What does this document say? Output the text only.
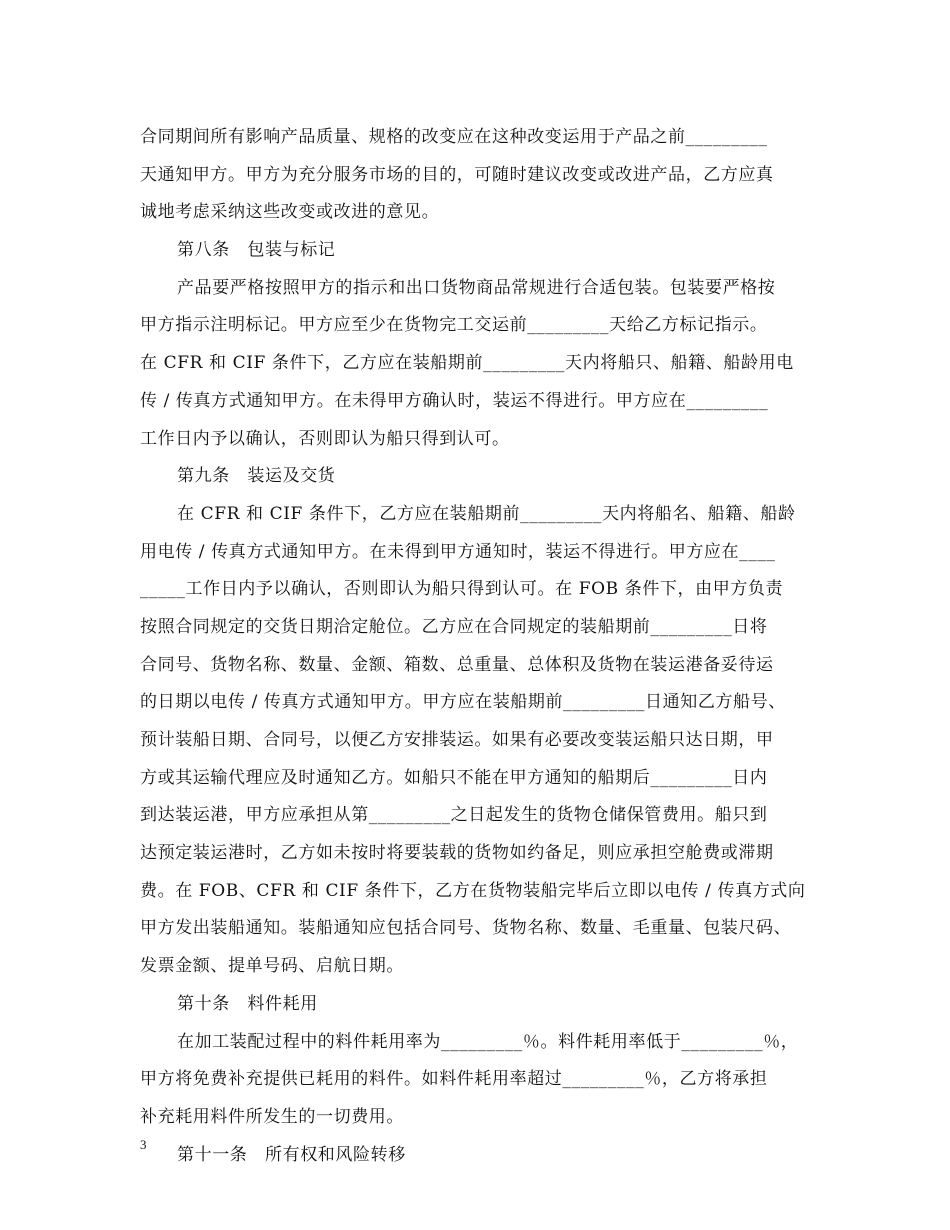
合同期间所有影响产品质量、规格的改变应在这种改变运用于产品之前_________
天通知甲方。甲方为充分服务市场的目的，可随时建议改变或改进产品，乙方应真
诚地考虑采纳这些改变或改进的意见。
第八条　包装与标记
产品要严格按照甲方的指示和出口货物商品常规进行合适包装。包装要严格按
甲方指示注明标记。甲方应至少在货物完工交运前_________天给乙方标记指示。
在 CFR 和 CIF 条件下，乙方应在装船期前_________天内将船只、船籍、船龄用电
传 / 传真方式通知甲方。在未得甲方确认时，装运不得进行。甲方应在_________
工作日内予以确认，否则即认为船只得到认可。
第九条　装运及交货
在 CFR 和 CIF 条件下，乙方应在装船期前_________天内将船名、船籍、船龄
用电传 / 传真方式通知甲方。在未得到甲方通知时，装运不得进行。甲方应在____
_____工作日内予以确认，否则即认为船只得到认可。在 FOB 条件下，由甲方负责
按照合同规定的交货日期洽定舱位。乙方应在合同规定的装船期前_________日将
合同号、货物名称、数量、金额、箱数、总重量、总体积及货物在装运港备妥待运
的日期以电传 / 传真方式通知甲方。甲方应在装船期前_________日通知乙方船号、
预计装船日期、合同号，以便乙方安排装运。如果有必要改变装运船只达日期，甲
方或其运输代理应及时通知乙方。如船只不能在甲方通知的船期后_________日内
到达装运港，甲方应承担从第_________之日起发生的货物仓储保管费用。船只到
达预定装运港时，乙方如未按时将要装载的货物如约备足，则应承担空舱费或滞期
费。在 FOB、CFR 和 CIF 条件下，乙方在货物装船完毕后立即以电传 / 传真方式向
甲方发出装船通知。装船通知应包括合同号、货物名称、数量、毛重量、包装尺码、
发票金额、提单号码、启航日期。
第十条　料件耗用
在加工装配过程中的料件耗用率为_________％。料件耗用率低于_________％，
甲方将免费补充提供已耗用的料件。如料件耗用率超过_________％，乙方将承担
补充耗用料件所发生的一切费用。
第十一条　所有权和风险转移
3
